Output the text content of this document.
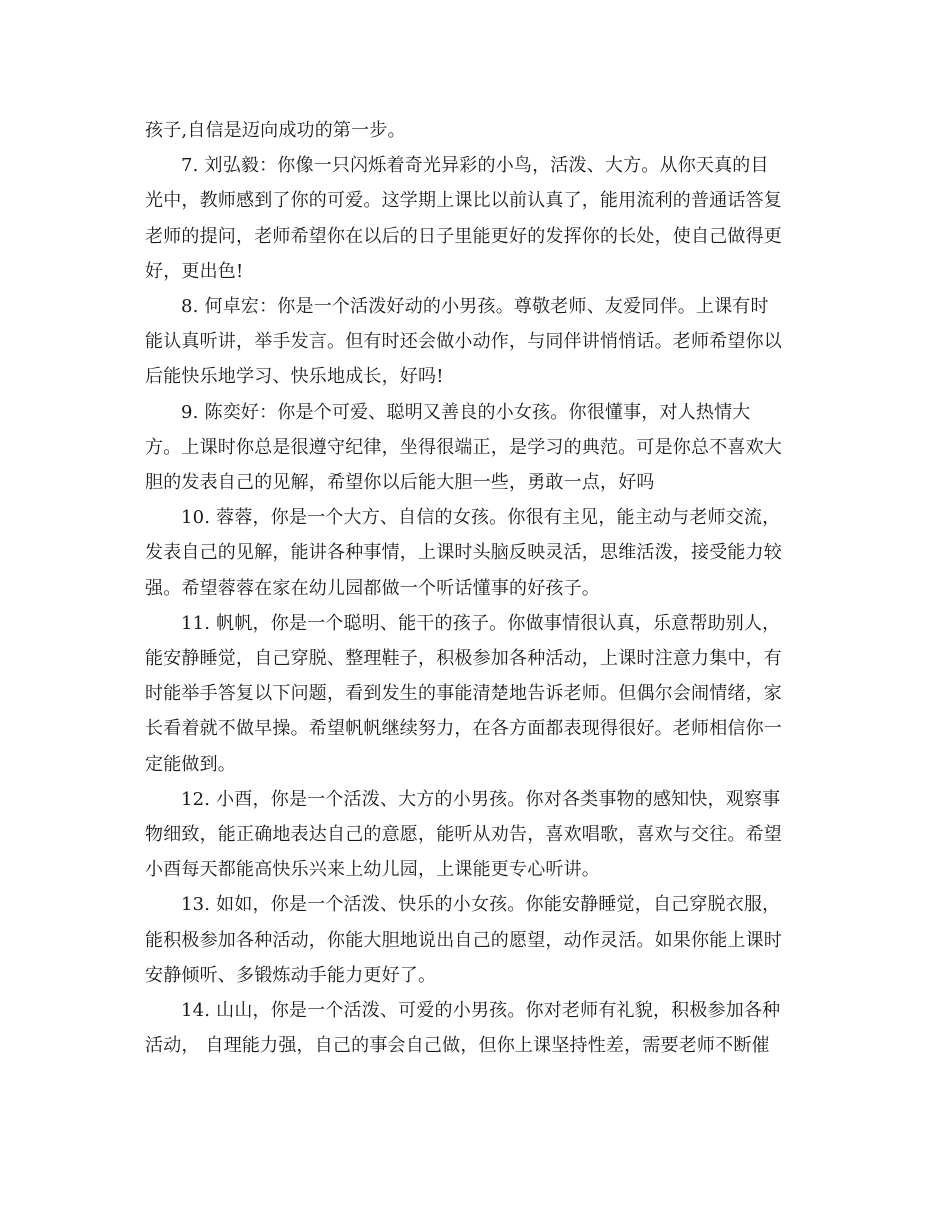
孩子,自信是迈向成功的第一步。

7. 刘弘毅：你像一只闪烁着奇光异彩的小鸟，活泼、大方。从你天真的目
光中，教师感到了你的可爱。这学期上课比以前认真了，能用流利的普通话答复
老师的提问，老师希望你在以后的日子里能更好的发挥你的长处，使自己做得更
好，更出色!

8. 何卓宏：你是一个活泼好动的小男孩。尊敬老师、友爱同伴。上课有时
能认真听讲，举手发言。但有时还会做小动作，与同伴讲悄悄话。老师希望你以
后能快乐地学习、快乐地成长，好吗!

9. 陈奕好：你是个可爱、聪明又善良的小女孩。你很懂事，对人热情大
方。上课时你总是很遵守纪律，坐得很端正，是学习的典范。可是你总不喜欢大
胆的发表自己的见解，希望你以后能大胆一些，勇敢一点，好吗

10. 蓉蓉，你是一个大方、自信的女孩。你很有主见，能主动与老师交流，
发表自己的见解，能讲各种事情，上课时头脑反映灵活，思维活泼，接受能力较
强。希望蓉蓉在家在幼儿园都做一个听话懂事的好孩子。

11. 帆帆，你是一个聪明、能干的孩子。你做事情很认真，乐意帮助别人，
能安静睡觉，自己穿脱、整理鞋子，积极参加各种活动，上课时注意力集中，有
时能举手答复以下问题，看到发生的事能清楚地告诉老师。但偶尔会闹情绪，家
长看着就不做早操。希望帆帆继续努力，在各方面都表现得很好。老师相信你一
定能做到。

12. 小酉，你是一个活泼、大方的小男孩。你对各类事物的感知快，观察事
物细致，能正确地表达自己的意愿，能听从劝告，喜欢唱歌，喜欢与交往。希望
小酉每天都能高快乐兴来上幼儿园，上课能更专心听讲。

13. 如如，你是一个活泼、快乐的小女孩。你能安静睡觉，自己穿脱衣服，
能积极参加各种活动，你能大胆地说出自己的愿望，动作灵活。如果你能上课时
安静倾听、多锻炼动手能力更好了。

14. 山山，你是一个活泼、可爱的小男孩。你对老师有礼貌，积极参加各种
活动， 自理能力强，自己的事会自己做，但你上课坚持性差，需要老师不断催
